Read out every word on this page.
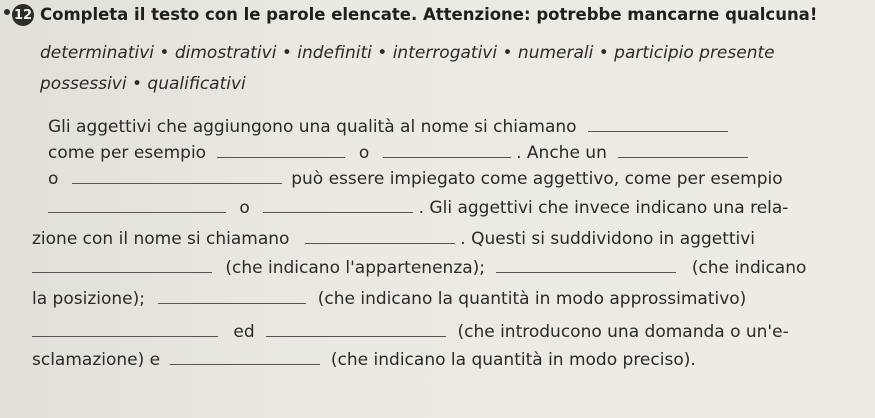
12 Completa il testo con le parole elencate. Attenzione: potrebbe mancarne qualcuna!
determinativi • dimostrativi • indefiniti • interrogativi • numerali • participio presente
possessivi • qualificativi
Gli aggettivi che aggiungono una qualità al nome si chiamano
come per esempio	o	. Anche un
o	può essere impiegato come aggettivo, come per esempio
o	. Gli aggettivi che invece indicano una rela-
zione con il nome si chiamano	. Questi si suddividono in aggettivi
(che indicano l'appartenenza);	(che indicano
la posizione);	(che indicano la quantità in modo approssimativo)
ed	(che introducono una domanda o un'e-
sclamazione) e	(che indicano la quantità in modo preciso).
